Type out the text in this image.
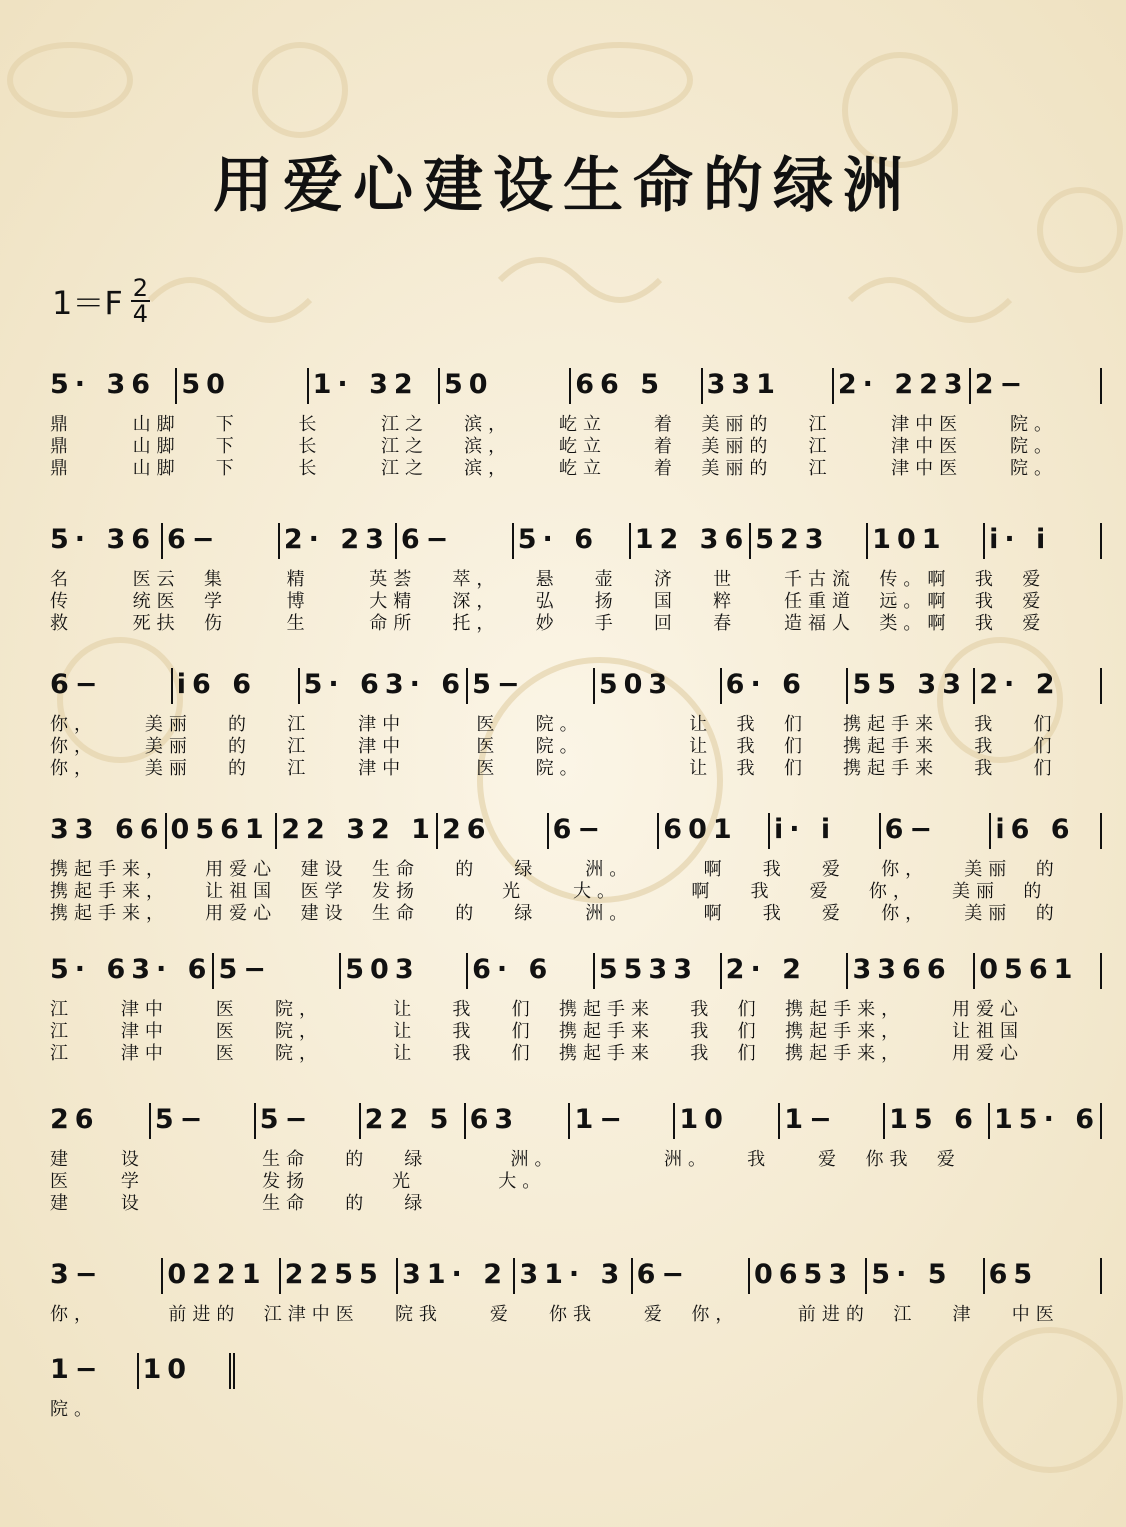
用爱心建设生命的绿洲
$1=F \frac{2}{4}$
5· 36 50	1· 32 50	66 5	331	2· 223 2−
鼎     山脚   下     长     江之   滨，    屹立    着  美丽的   江     津中医    院。
鼎     山脚   下     长     江之   滨，    屹立    着  美丽的   江     津中医    院。
鼎     山脚   下     长     江之   滨，    屹立    着  美丽的   江     津中医    院。
5· 36 6−	2· 23 6−	5· 6	12 36 523	101	i· i
名     医云  集     精     英荟   萃，   悬   壶   济   世    千古流  传。啊  我  爱
传     统医  学     博     大精   深，   弘   扬   国   粹    任重道  远。啊  我  爱
救     死扶  伤     生     命所   托，   妙   手   回   春    造福人  类。啊  我  爱
6−	i6 6	5· 63· 6 5−	503	6· 6	55 33 2· 2
你，    美丽   的   江    津中      医   院。         让  我  们   携起手来   我   们
你，    美丽   的   江    津中      医   院。         让  我  们   携起手来   我   们
你，    美丽   的   江    津中      医   院。         让  我  们   携起手来   我   们
33 66 0561 22 32 1 26	6−	601	i· i	6−	i6 6
携起手来，   用爱心  建设  生命   的   绿    洲。      啊   我   爱   你，   美丽  的
携起手来，   让祖国  医学  发扬       光    大。      啊   我   爱   你，   美丽  的
携起手来，   用爱心  建设  生命   的   绿    洲。      啊   我   爱   你，   美丽  的
5· 63· 6 5−	503	6· 6	5533	2· 2	3366	0561
江    津中    医   院，      让   我   们  携起手来   我  们  携起手来，    用爱心
江    津中    医   院，      让   我   们  携起手来   我  们  携起手来，    让祖国
江    津中    医   院，      让   我   们  携起手来   我  们  携起手来，    用爱心
26	5−	5−	22 5 63	1−	10	1−	15 6 15· 6
建    设          生命   的   绿       洲。         洲。   我    爱  你我  爱
医    学          发扬       光       大。
建    设          生命   的   绿
3−	0221 2255 31· 2 31· 3 6−	0653 5· 5	65
你，      前进的  江津中医   院我    爱   你我    爱  你，     前进的  江   津   中医
1−	10
院。
